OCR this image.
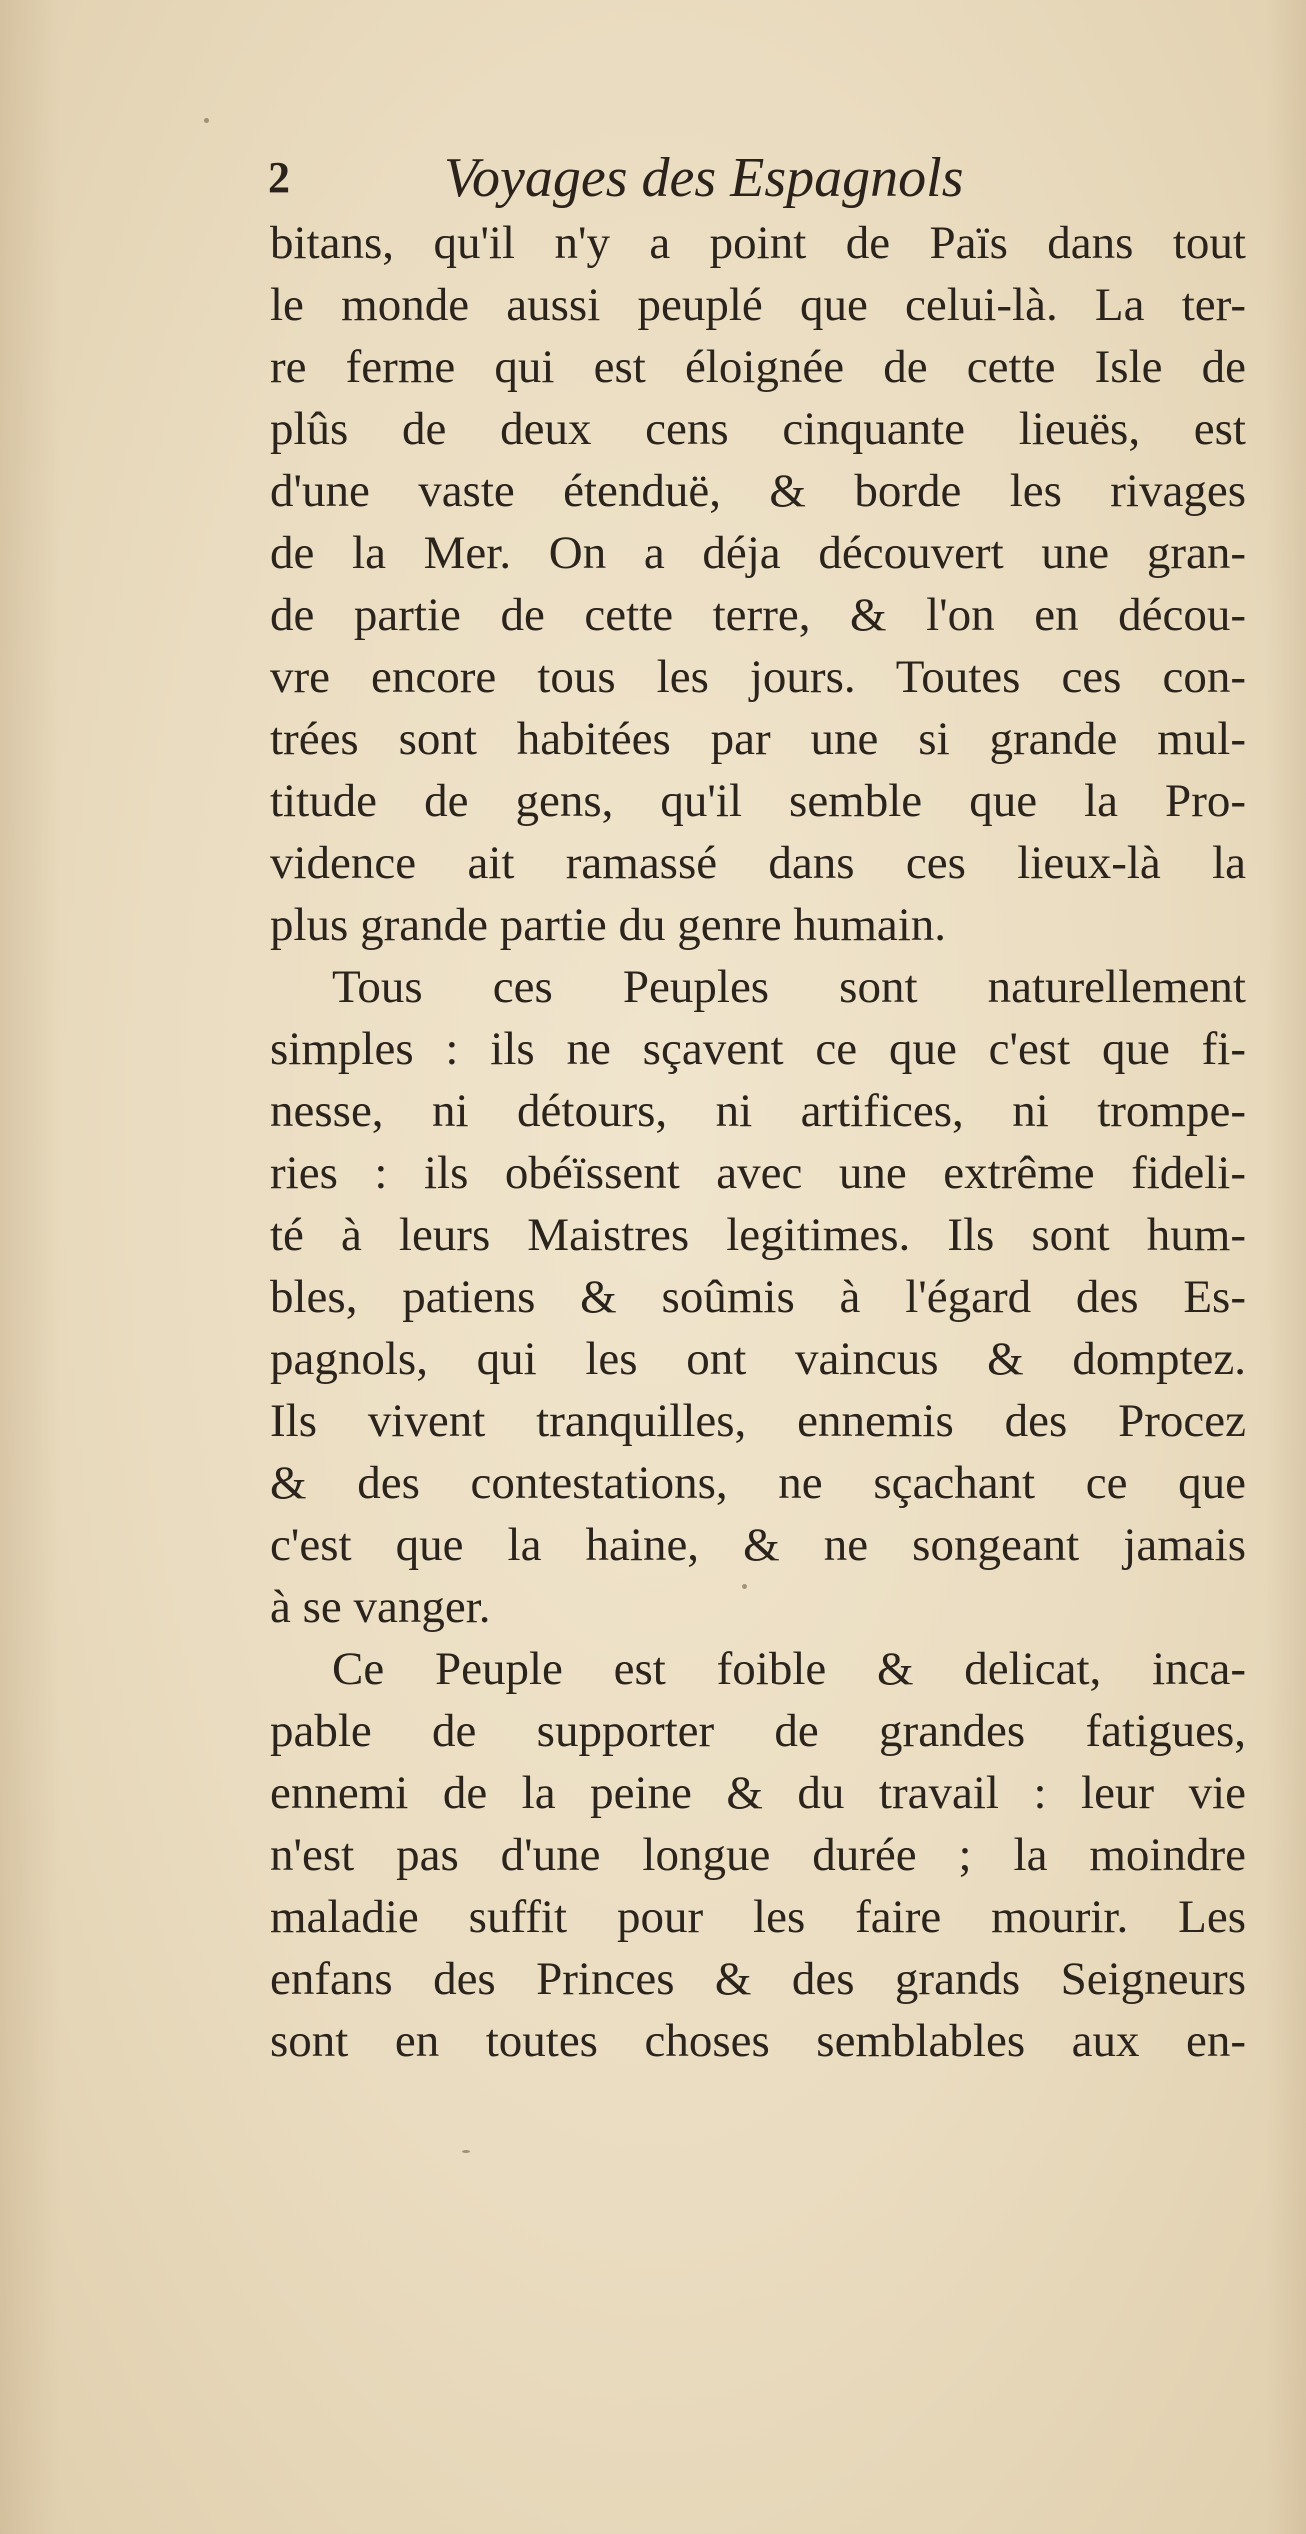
2	Voyages des Espagnols
bitans, qu'il n'y a point de Païs dans tout
le monde aussi peuplé que celui-là. La ter-
re ferme qui est éloignée de cette Isle de
plûs de deux cens cinquante lieuës, est
d'une vaste étenduë, & borde les rivages
de la Mer. On a déja découvert une gran-
de partie de cette terre, & l'on en décou-
vre encore tous les jours. Toutes ces con-
trées sont habitées par une si grande mul-
titude de gens, qu'il semble que la Pro-
vidence ait ramassé dans ces lieux-là la
plus grande partie du genre humain.
Tous ces Peuples sont naturellement
simples : ils ne sçavent ce que c'est que fi-
nesse, ni détours, ni artifices, ni trompe-
ries : ils obéïssent avec une extrême fideli-
té à leurs Maistres legitimes. Ils sont hum-
bles, patiens & soûmis à l'égard des Es-
pagnols, qui les ont vaincus & domptez.
Ils vivent tranquilles, ennemis des Procez
& des contestations, ne sçachant ce que
c'est que la haine, & ne songeant jamais
à se vanger.
Ce Peuple est foible & delicat, inca-
pable de supporter de grandes fatigues,
ennemi de la peine & du travail : leur vie
n'est pas d'une longue durée ; la moindre
maladie suffit pour les faire mourir. Les
enfans des Princes & des grands Seigneurs
sont en toutes choses semblables aux en-
